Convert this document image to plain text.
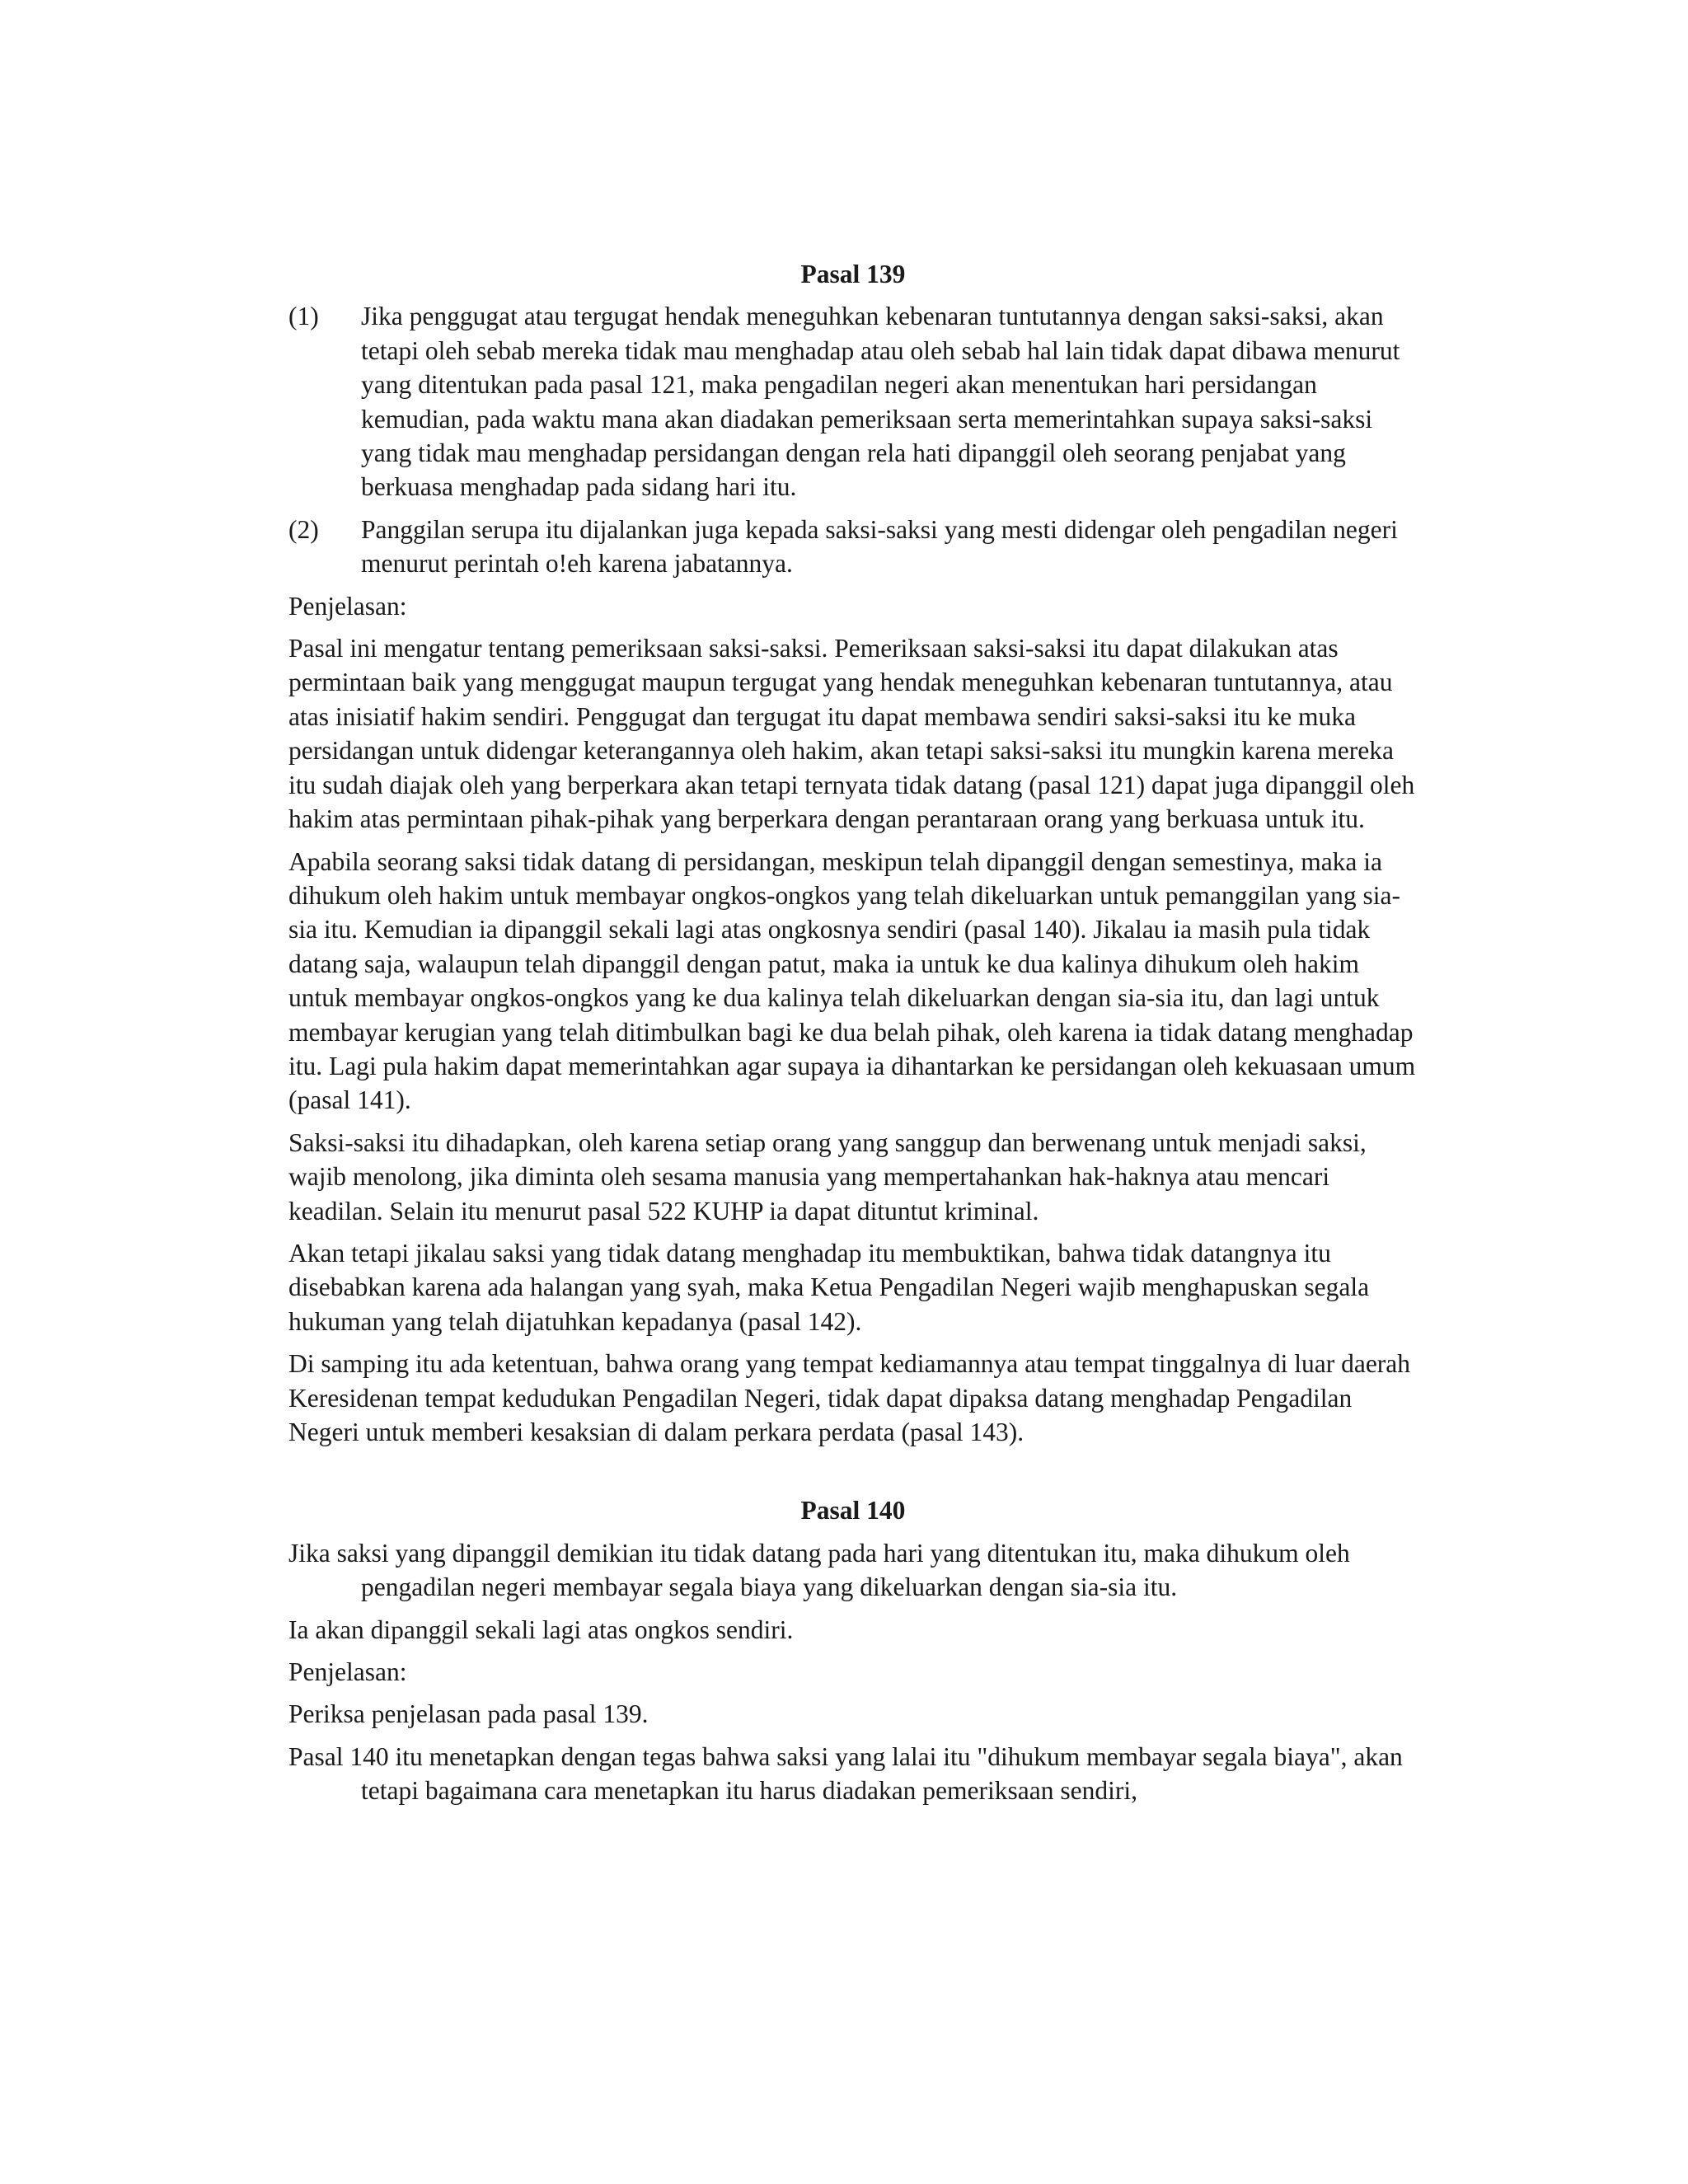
Pasal 139
(1)	Jika penggugat atau tergugat hendak meneguhkan kebenaran tuntutannya dengan saksi-saksi, akan tetapi oleh sebab mereka tidak mau menghadap atau oleh sebab hal lain tidak dapat dibawa menurut yang ditentukan pada pasal 121, maka pengadilan negeri akan menentukan hari persidangan kemudian, pada waktu mana akan diadakan pemeriksaan serta memerintahkan supaya saksi-saksi yang tidak mau menghadap persidangan dengan rela hati dipanggil oleh seorang penjabat yang berkuasa menghadap pada sidang hari itu.
(2)	Panggilan serupa itu dijalankan juga kepada saksi-saksi yang mesti didengar oleh pengadilan negeri menurut perintah o!eh karena jabatannya.
Penjelasan:
Pasal ini mengatur tentang pemeriksaan saksi-saksi. Pemeriksaan saksi-saksi itu dapat dilakukan atas permintaan baik yang menggugat maupun tergugat yang hendak meneguhkan kebenaran tuntutannya, atau atas inisiatif hakim sendiri. Penggugat dan tergugat itu dapat membawa sendiri saksi-saksi itu ke muka persidangan untuk didengar keterangannya oleh hakim, akan tetapi saksi-saksi itu mungkin karena mereka itu sudah diajak oleh yang berperkara akan tetapi ternyata tidak datang (pasal 121) dapat juga dipanggil oleh hakim atas permintaan pihak-pihak yang berperkara dengan perantaraan orang yang berkuasa untuk itu.
Apabila seorang saksi tidak datang di persidangan, meskipun telah dipanggil dengan semestinya, maka ia dihukum oleh hakim untuk membayar ongkos-ongkos yang telah dikeluarkan untuk pemanggilan yang sia-sia itu. Kemudian ia dipanggil sekali lagi atas ongkosnya sendiri (pasal 140). Jikalau ia masih pula tidak datang saja, walaupun telah dipanggil dengan patut, maka ia untuk ke dua kalinya dihukum oleh hakim untuk membayar ongkos-ongkos yang ke dua kalinya telah dikeluarkan dengan sia-sia itu, dan lagi untuk membayar kerugian yang telah ditimbulkan bagi ke dua belah pihak, oleh karena ia tidak datang menghadap itu. Lagi pula hakim dapat memerintahkan agar supaya ia dihantarkan ke persidangan oleh kekuasaan umum (pasal 141).
Saksi-saksi itu dihadapkan, oleh karena setiap orang yang sanggup dan berwenang untuk menjadi saksi, wajib menolong, jika diminta oleh sesama manusia yang mempertahankan hak-haknya atau mencari keadilan. Selain itu menurut pasal 522 KUHP ia dapat dituntut kriminal.
Akan tetapi jikalau saksi yang tidak datang menghadap itu membuktikan, bahwa tidak datangnya itu disebabkan karena ada halangan yang syah, maka Ketua Pengadilan Negeri wajib menghapuskan segala hukuman yang telah dijatuhkan kepadanya (pasal 142).
Di samping itu ada ketentuan, bahwa orang yang tempat kediamannya atau tempat tinggalnya di luar daerah Keresidenan tempat kedudukan Pengadilan Negeri, tidak dapat dipaksa datang menghadap Pengadilan Negeri untuk memberi kesaksian di dalam perkara perdata (pasal 143).
Pasal 140
Jika saksi yang dipanggil demikian itu tidak datang pada hari yang ditentukan itu, maka dihukum oleh pengadilan negeri membayar segala biaya yang dikeluarkan dengan sia-sia itu.
Ia akan dipanggil sekali lagi atas ongkos sendiri.
Penjelasan:
Periksa penjelasan pada pasal 139.
Pasal 140 itu menetapkan dengan tegas bahwa saksi yang lalai itu "dihukum membayar segala biaya", akan tetapi bagaimana cara menetapkan itu harus diadakan pemeriksaan sendiri,
